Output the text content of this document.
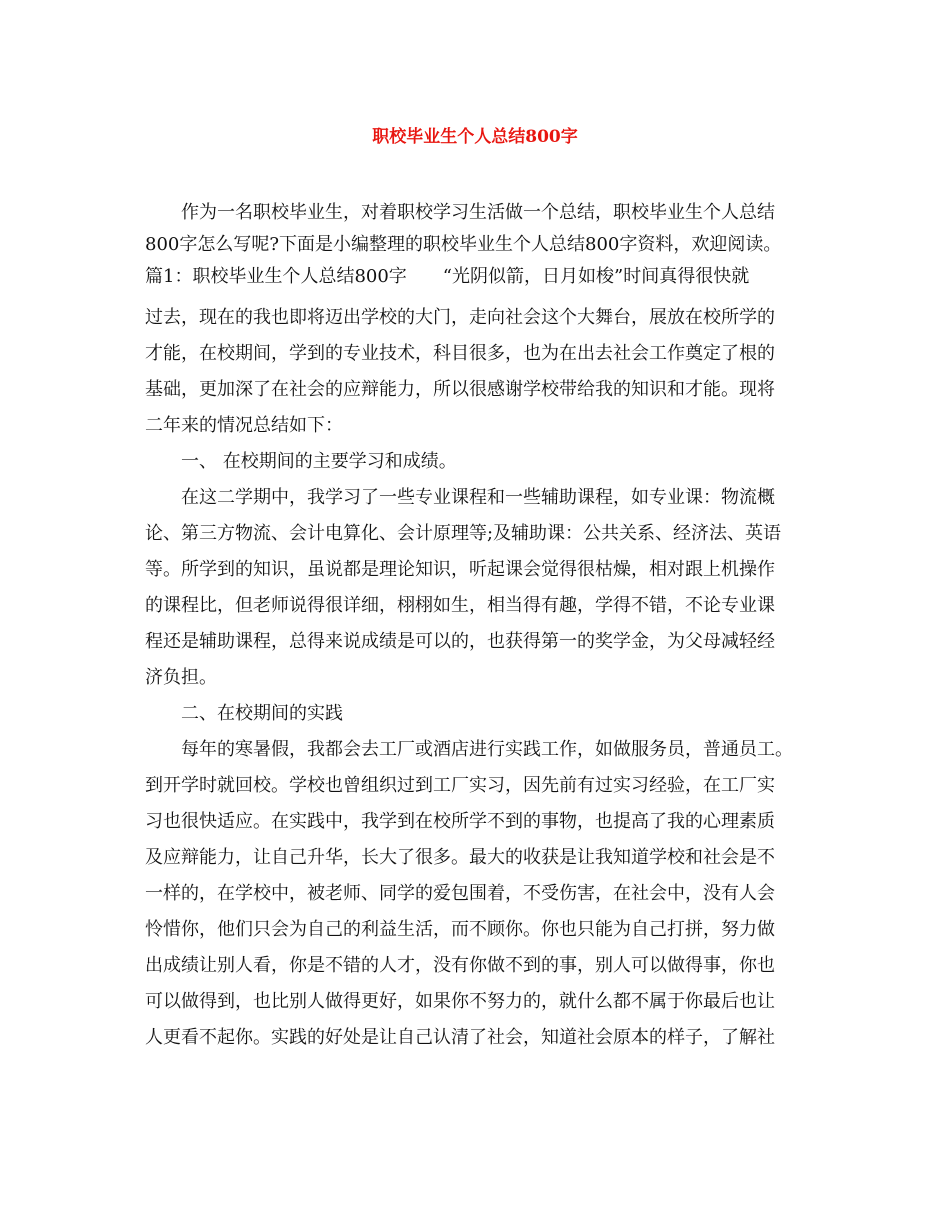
职校毕业生个人总结800字

作为一名职校毕业生，对着职校学习生活做一个总结，职校毕业生个人总结

800字怎么写呢?下面是小编整理的职校毕业生个人总结800字资料，欢迎阅读。

篇1：职校毕业生个人总结800字　　“光阴似箭，日月如梭”时间真得很快就

过去，现在的我也即将迈出学校的大门，走向社会这个大舞台，展放在校所学的

才能，在校期间，学到的专业技术，科目很多，也为在出去社会工作奠定了根的

基础，更加深了在社会的应辩能力，所以很感谢学校带给我的知识和才能。现将

二年来的情况总结如下：

一、 在校期间的主要学习和成绩。

在这二学期中，我学习了一些专业课程和一些辅助课程，如专业课：物流概

论、第三方物流、会计电算化、会计原理等;及辅助课：公共关系、经济法、英语

等。所学到的知识，虽说都是理论知识，听起课会觉得很枯燥，相对跟上机操作

的课程比，但老师说得很详细，栩栩如生，相当得有趣，学得不错，不论专业课

程还是辅助课程，总得来说成绩是可以的，也获得第一的奖学金，为父母减轻经

济负担。

二、在校期间的实践

每年的寒暑假，我都会去工厂或酒店进行实践工作，如做服务员，普通员工。

到开学时就回校。学校也曾组织过到工厂实习，因先前有过实习经验，在工厂实

习也很快适应。在实践中，我学到在校所学不到的事物，也提高了我的心理素质

及应辩能力，让自己升华，长大了很多。最大的收获是让我知道学校和社会是不

一样的，在学校中，被老师、同学的爱包围着，不受伤害，在社会中，没有人会

怜惜你，他们只会为自己的利益生活，而不顾你。你也只能为自己打拼，努力做

出成绩让别人看，你是不错的人才，没有你做不到的事，别人可以做得事，你也

可以做得到，也比别人做得更好，如果你不努力的，就什么都不属于你最后也让

人更看不起你。实践的好处是让自己认清了社会，知道社会原本的样子，了解社
